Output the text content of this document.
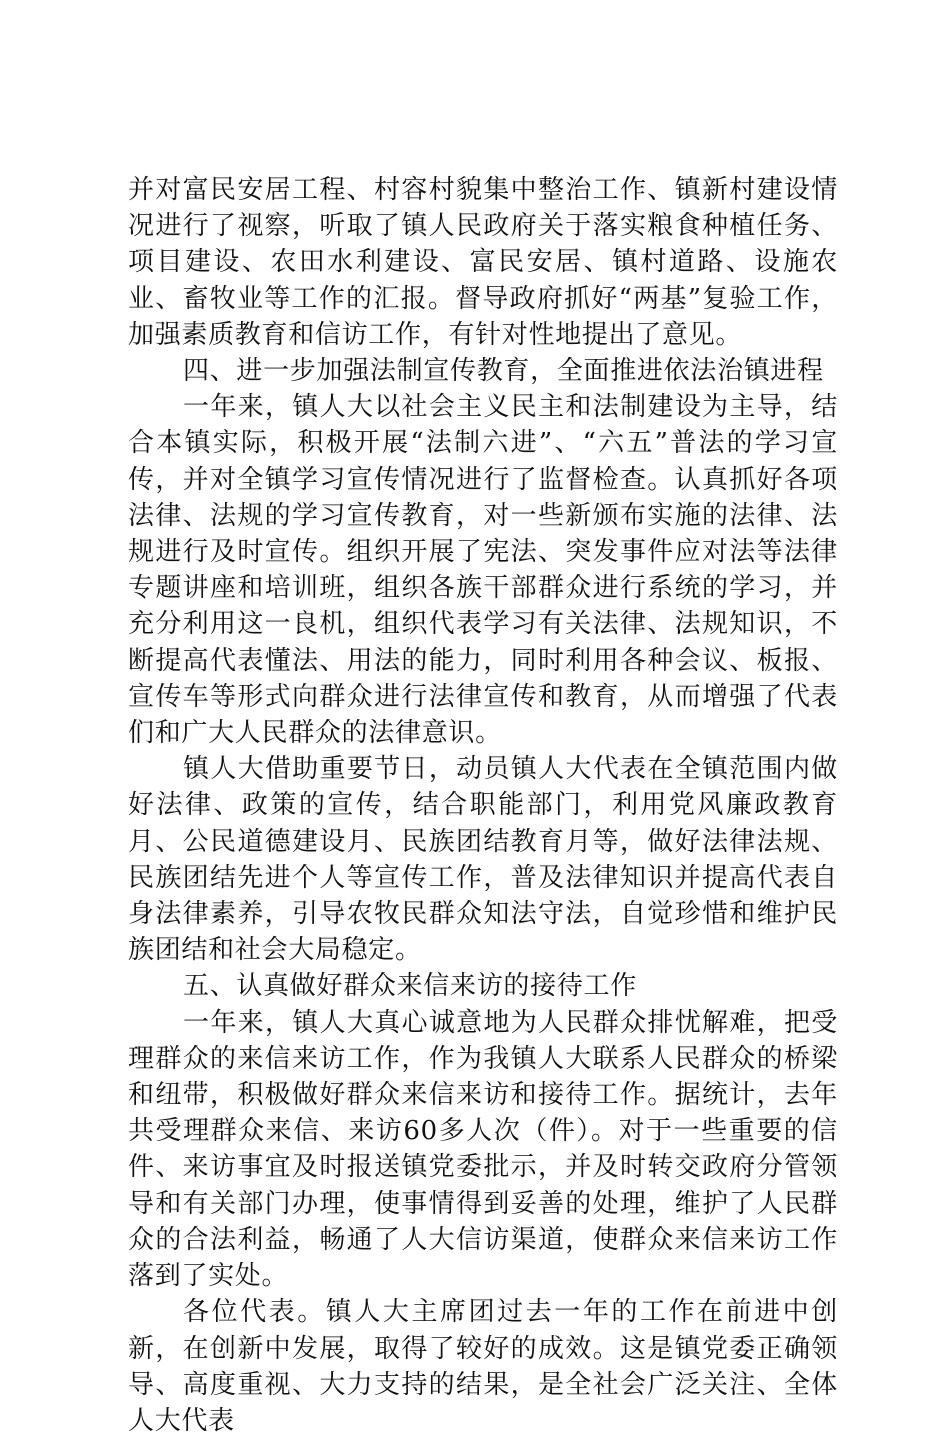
并对富民安居工程、村容村貌集中整治工作、镇新村建设情况进行了视察，听取了镇人民政府关于落实粮食种植任务、项目建设、农田水利建设、富民安居、镇村道路、设施农业、畜牧业等工作的汇报。督导政府抓好“两基”复验工作，加强素质教育和信访工作，有针对性地提出了意见。

四、进一步加强法制宣传教育，全面推进依法治镇进程

一年来，镇人大以社会主义民主和法制建设为主导，结合本镇实际，积极开展“法制六进”、“六五”普法的学习宣传，并对全镇学习宣传情况进行了监督检查。认真抓好各项法律、法规的学习宣传教育，对一些新颁布实施的法律、法规进行及时宣传。组织开展了宪法、突发事件应对法等法律专题讲座和培训班，组织各族干部群众进行系统的学习，并充分利用这一良机，组织代表学习有关法律、法规知识，不断提高代表懂法、用法的能力，同时利用各种会议、板报、宣传车等形式向群众进行法律宣传和教育，从而增强了代表们和广大人民群众的法律意识。

镇人大借助重要节日，动员镇人大代表在全镇范围内做好法律、政策的宣传，结合职能部门，利用党风廉政教育月、公民道德建设月、民族团结教育月等，做好法律法规、民族团结先进个人等宣传工作，普及法律知识并提高代表自身法律素养，引导农牧民群众知法守法，自觉珍惜和维护民族团结和社会大局稳定。

五、认真做好群众来信来访的接待工作

一年来，镇人大真心诚意地为人民群众排忧解难，把受理群众的来信来访工作，作为我镇人大联系人民群众的桥梁和纽带，积极做好群众来信来访和接待工作。据统计，去年共受理群众来信、来访60多人次（件）。对于一些重要的信件、来访事宜及时报送镇党委批示，并及时转交政府分管领导和有关部门办理，使事情得到妥善的处理，维护了人民群众的合法利益，畅通了人大信访渠道，使群众来信来访工作落到了实处。

各位代表。镇人大主席团过去一年的工作在前进中创新，在创新中发展，取得了较好的成效。这是镇党委正确领导、高度重视、大力支持的结果，是全社会广泛关注、全体人大代表
